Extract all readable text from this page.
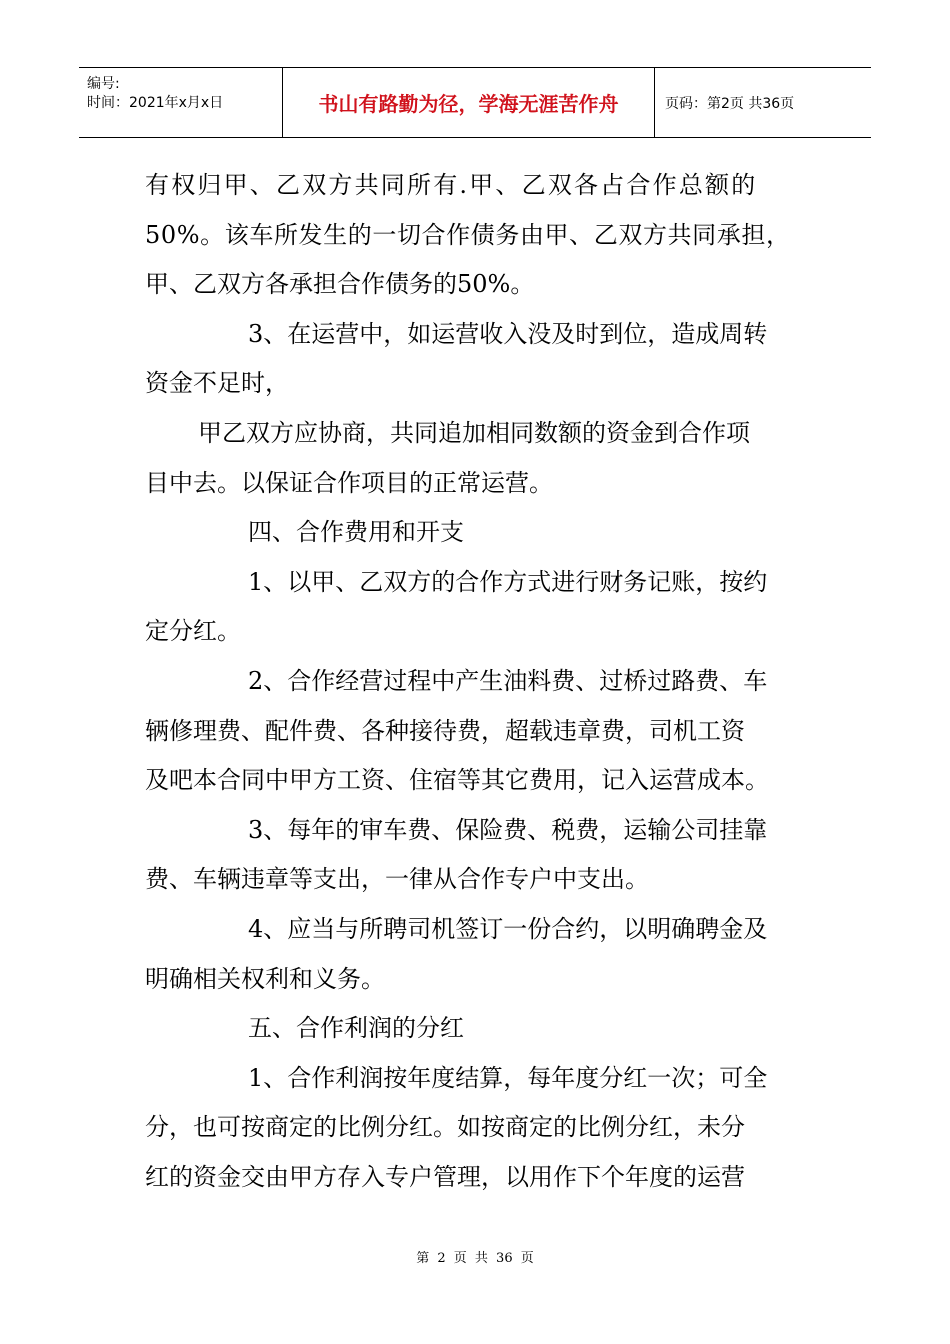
编号:
时间：2021年x月x日	书山有路勤为径，学海无涯苦作舟	页码：第2页 共36页
有权归甲、乙双方共同所有.甲、乙双各占合作总额的
50%。该车所发生的一切合作债务由甲、乙双方共同承担，
甲、乙双方各承担合作债务的50%。
3、在运营中，如运营收入没及时到位，造成周转
资金不足时，
甲乙双方应协商，共同追加相同数额的资金到合作项
目中去。以保证合作项目的正常运营。
四、合作费用和开支
1、以甲、乙双方的合作方式进行财务记账，按约
定分红。
2、合作经营过程中产生油料费、过桥过路费、车
辆修理费、配件费、各种接待费，超载违章费，司机工资
及吧本合同中甲方工资、住宿等其它费用，记入运营成本。
3、每年的审车费、保险费、税费，运输公司挂靠
费、车辆违章等支出，一律从合作专户中支出。
4、应当与所聘司机签订一份合约，以明确聘金及
明确相关权利和义务。
五、合作利润的分红
1、合作利润按年度结算，每年度分红一次；可全
分，也可按商定的比例分红。如按商定的比例分红，未分
红的资金交由甲方存入专户管理，以用作下个年度的运营
第 2 页 共 36 页
